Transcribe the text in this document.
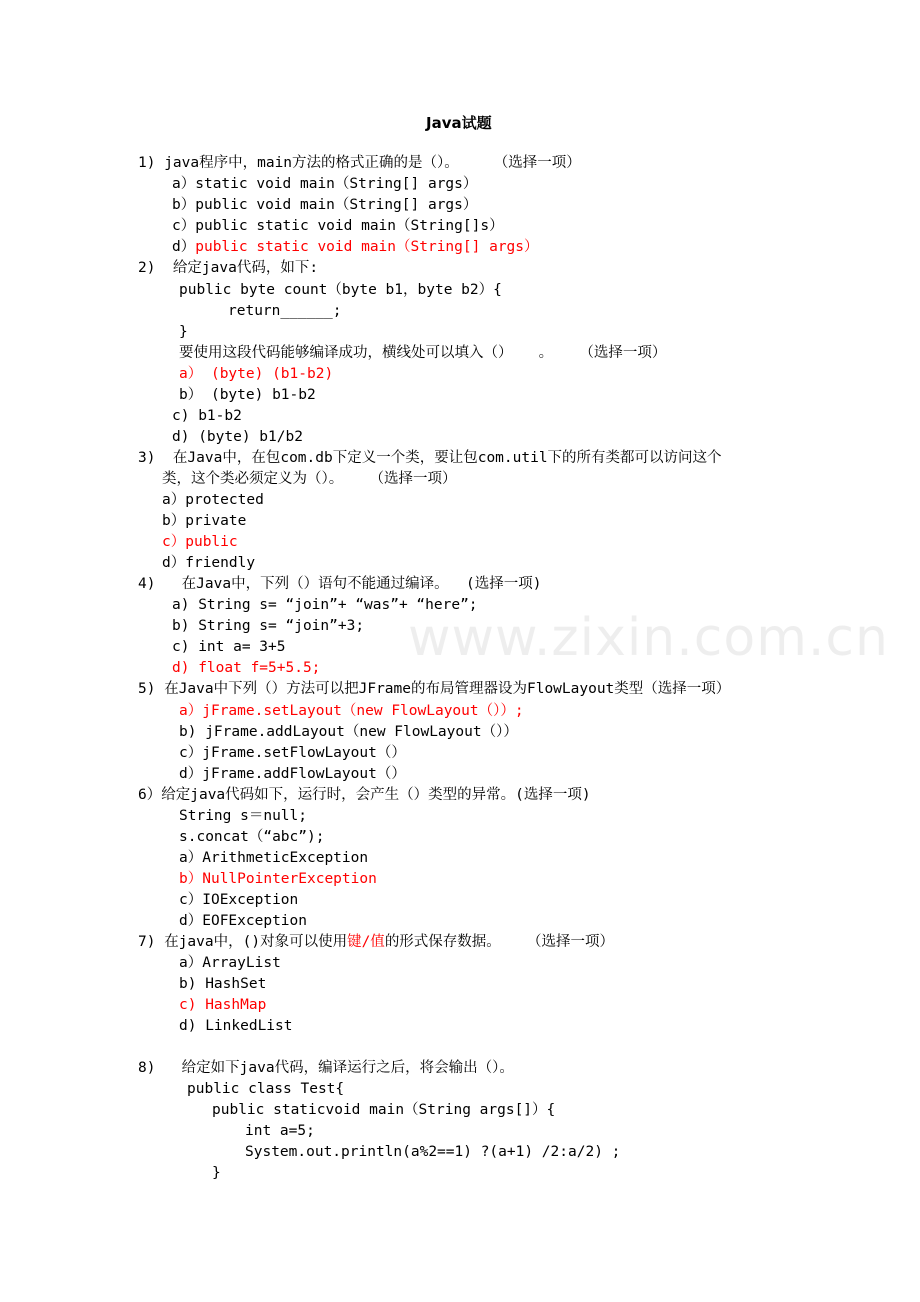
Java试题
www.zixin.com.cn
1) java程序中，main方法的格式正确的是（）。    （选择一项）
a）static void main（String[] args）
b）public void main（String[] args）
c）public static void main（String[]s）
d）public static void main（String[] args）
2)  给定java代码，如下:
public byte count（byte b1，byte b2）{
return______;
}
要使用这段代码能够编译成功，横线处可以填入（）   。   （选择一项）
a） (byte) (b1-b2)
b） (byte) b1-b2
c) b1-b2
d) (byte) b1/b2
3)  在Java中，在包com.db下定义一个类，要让包com.util下的所有类都可以访问这个
类，这个类必须定义为（）。   （选择一项）
a）protected
b）private
c）public
d）friendly
4)   在Java中，下列（）语句不能通过编译。  (选择一项)
a) String s= “join”+ “was”+ “here”;
b) String s= “join”+3;
c) int a= 3+5
d) float f=5+5.5;
5) 在Java中下列（）方法可以把JFrame的布局管理器设为FlowLayout类型（选择一项）
a）jFrame.setLayout（new FlowLayout（））;
b) jFrame.addLayout（new FlowLayout（））
c）jFrame.setFlowLayout（）
d）jFrame.addFlowLayout（）
6）给定java代码如下，运行时，会产生（）类型的异常。(选择一项)
String s＝null;
s.concat（“abc”);
a）ArithmeticException
b）NullPointerException
c）IOException
d）EOFException
7) 在java中，()对象可以使用键/值的形式保存数据。   （选择一项）
a）ArrayList
b) HashSet
c) HashMap
d) LinkedList
8)   给定如下java代码，编译运行之后，将会输出（）。
public class Test{
public staticvoid main（String args[]）{
int a=5;
System.out.println(a%2==1) ?(a+1) /2:a/2) ;
}
